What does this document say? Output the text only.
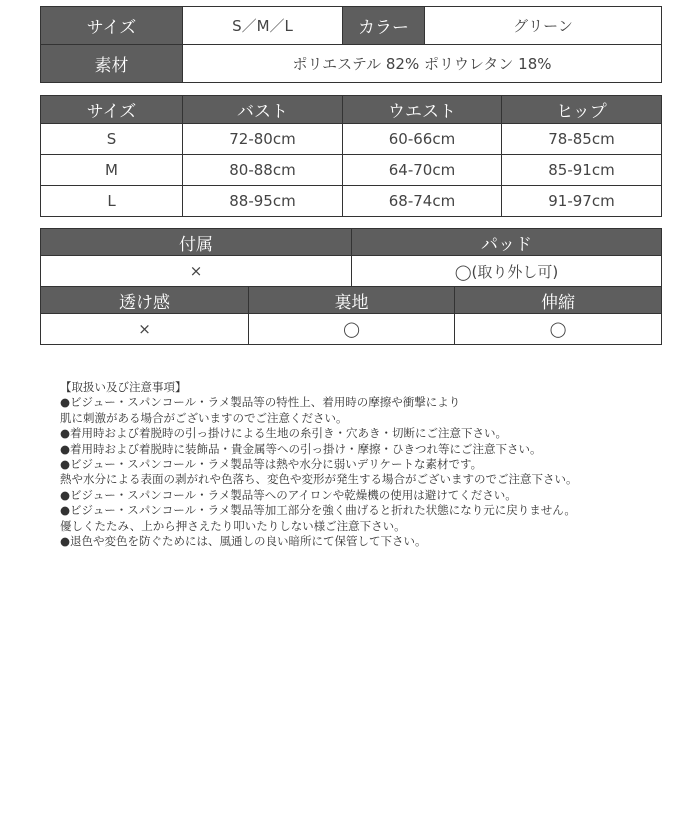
サイズ	S／M／L	カラー	グリーン
素材	ポリエステル 82% ポリウレタン 18%		
サイズ	バスト	ウエスト	ヒップ
S	72-80cm	60-66cm	78-85cm
M	80-88cm	64-70cm	85-91cm
L	88-95cm	68-74cm	91-97cm
付属	パッド
×	◯(取り外し可)
透け感	裏地	伸縮
×	◯	◯
【取扱い及び注意事項】
●ビジュー・スパンコール・ラメ製品等の特性上、着用時の摩擦や衝撃により
肌に刺激がある場合がございますのでご注意ください。
●着用時および着脱時の引っ掛けによる生地の糸引き・穴あき・切断にご注意下さい。
●着用時および着脱時に装飾品・貴金属等への引っ掛け・摩擦・ひきつれ等にご注意下さい。
●ビジュー・スパンコール・ラメ製品等は熱や水分に弱いデリケートな素材です。
熱や水分による表面の剥がれや色落ち、変色や変形が発生する場合がございますのでご注意下さい。
●ビジュー・スパンコール・ラメ製品等へのアイロンや乾燥機の使用は避けてください。
●ビジュー・スパンコール・ラメ製品等加工部分を強く曲げると折れた状態になり元に戻りません。
優しくたたみ、上から押さえたり叩いたりしない様ご注意下さい。
●退色や変色を防ぐためには、風通しの良い暗所にて保管して下さい。
